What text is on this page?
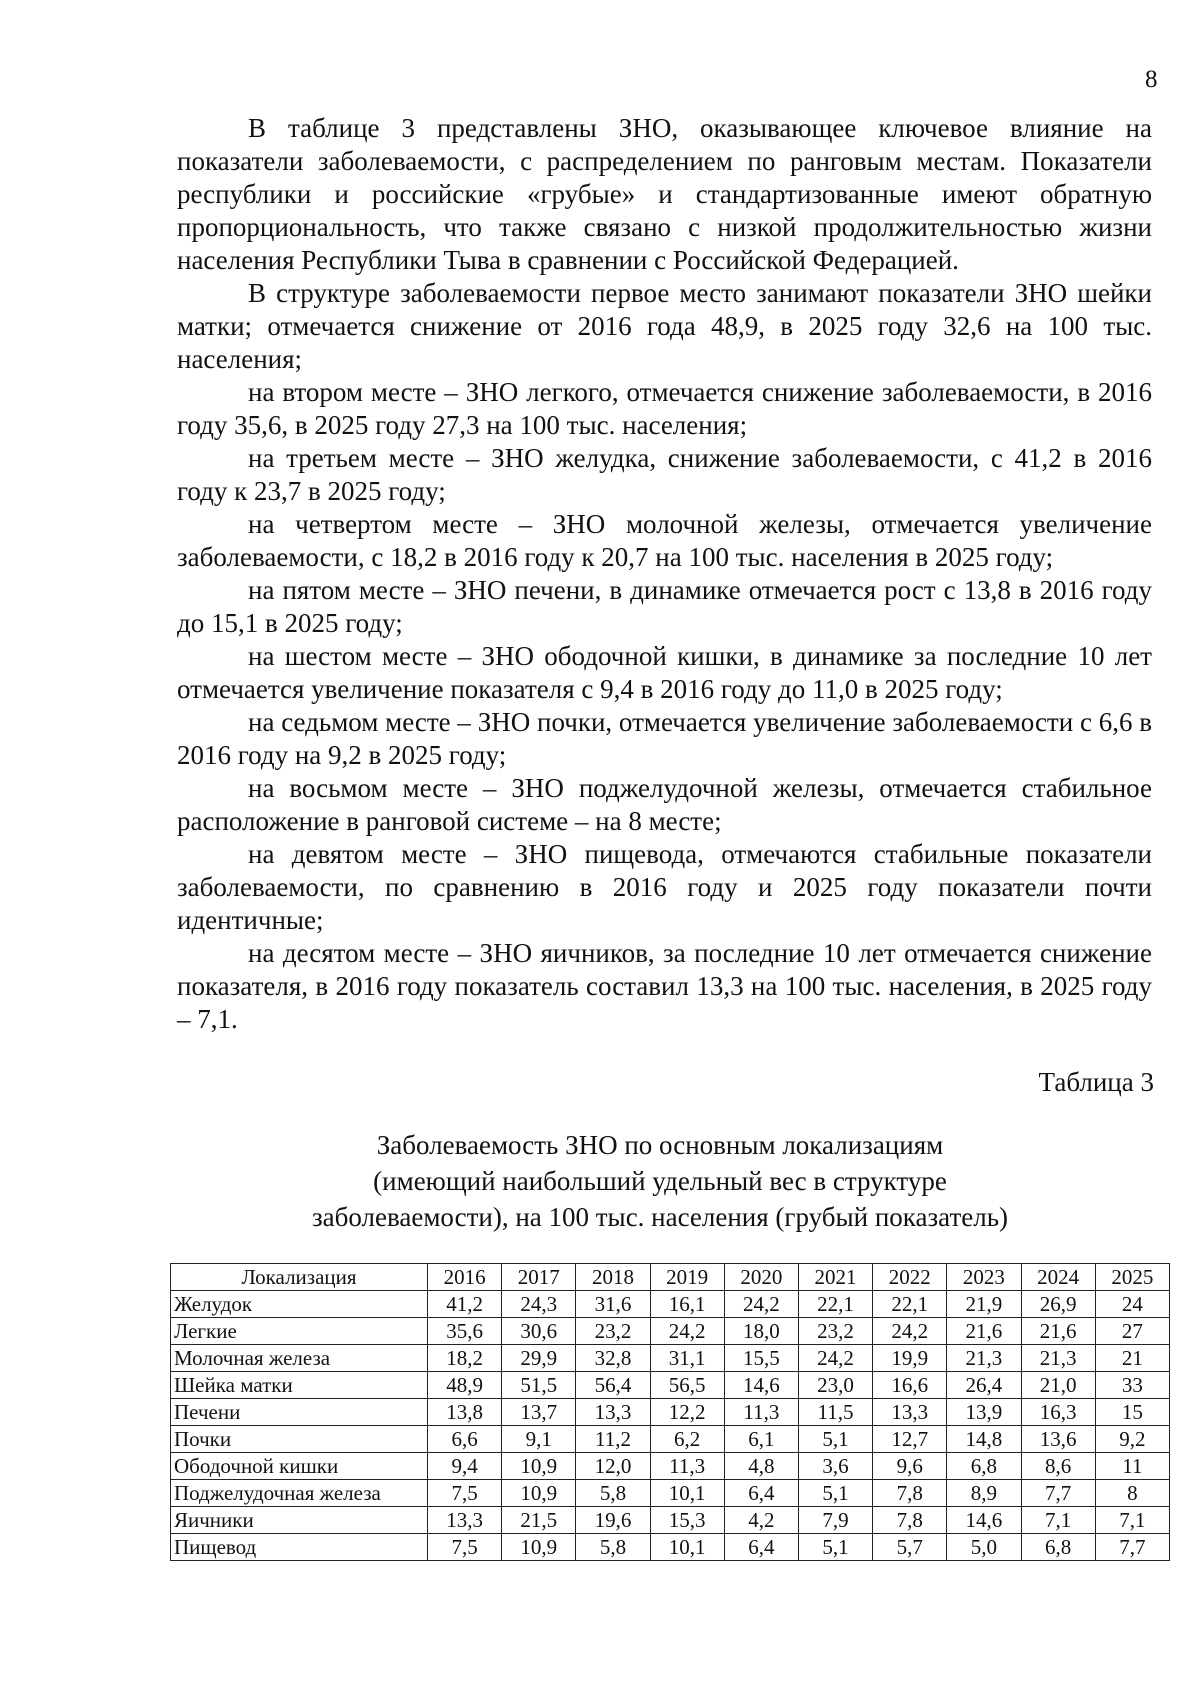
8

В таблице 3 представлены ЗНО, оказывающее ключевое влияние на показатели заболеваемости, с распределением по ранговым местам. Показатели республики и российские «грубые» и стандартизованные имеют обратную пропорциональность, что также связано с низкой продолжительностью жизни населения Республики Тыва в сравнении с Российской Федерацией.

В структуре заболеваемости первое место занимают показатели ЗНО шейки матки; отмечается снижение от 2016 года 48,9, в 2025 году 32,6 на 100 тыс. населения;

на втором месте – ЗНО легкого, отмечается снижение заболеваемости, в 2016 году 35,6, в 2025 году 27,3 на 100 тыс. населения;

на третьем месте – ЗНО желудка, снижение заболеваемости, с 41,2 в 2016 году к 23,7 в 2025 году;

на четвертом месте – ЗНО молочной железы, отмечается увеличение заболеваемости, с 18,2 в 2016 году к 20,7 на 100 тыс. населения в 2025 году;

на пятом месте – ЗНО печени, в динамике отмечается рост с 13,8 в 2016 году до 15,1 в 2025 году;

на шестом месте – ЗНО ободочной кишки, в динамике за последние 10 лет отмечается увеличение показателя с 9,4 в 2016 году до 11,0 в 2025 году;

на седьмом месте – ЗНО почки, отмечается увеличение заболеваемости с 6,6 в 2016 году на 9,2 в 2025 году;

на восьмом месте – ЗНО поджелудочной железы, отмечается стабильное расположение в ранговой системе – на 8 месте;

на девятом месте – ЗНО пищевода, отмечаются стабильные показатели заболеваемости, по сравнению в 2016 году и 2025 году показатели почти идентичные;

на десятом месте – ЗНО яичников, за последние 10 лет отмечается снижение показателя, в 2016 году показатель составил 13,3 на 100 тыс. населения, в 2025 году – 7,1.

Таблица 3
Заболеваемость ЗНО по основным локализациям
(имеющий наибольший удельный вес в структуре
заболеваемости), на 100 тыс. населения (грубый показатель)
Локализация	2016	2017	2018	2019	2020	2021	2022	2023	2024	2025
Желудок	41,2	24,3	31,6	16,1	24,2	22,1	22,1	21,9	26,9	24
Легкие	35,6	30,6	23,2	24,2	18,0	23,2	24,2	21,6	21,6	27
Молочная железа	18,2	29,9	32,8	31,1	15,5	24,2	19,9	21,3	21,3	21
Шейка матки	48,9	51,5	56,4	56,5	14,6	23,0	16,6	26,4	21,0	33
Печени	13,8	13,7	13,3	12,2	11,3	11,5	13,3	13,9	16,3	15
Почки	6,6	9,1	11,2	6,2	6,1	5,1	12,7	14,8	13,6	9,2
Ободочной кишки	9,4	10,9	12,0	11,3	4,8	3,6	9,6	6,8	8,6	11
Поджелудочная железа	7,5	10,9	5,8	10,1	6,4	5,1	7,8	8,9	7,7	8
Яичники	13,3	21,5	19,6	15,3	4,2	7,9	7,8	14,6	7,1	7,1
Пищевод	7,5	10,9	5,8	10,1	6,4	5,1	5,7	5,0	6,8	7,7
